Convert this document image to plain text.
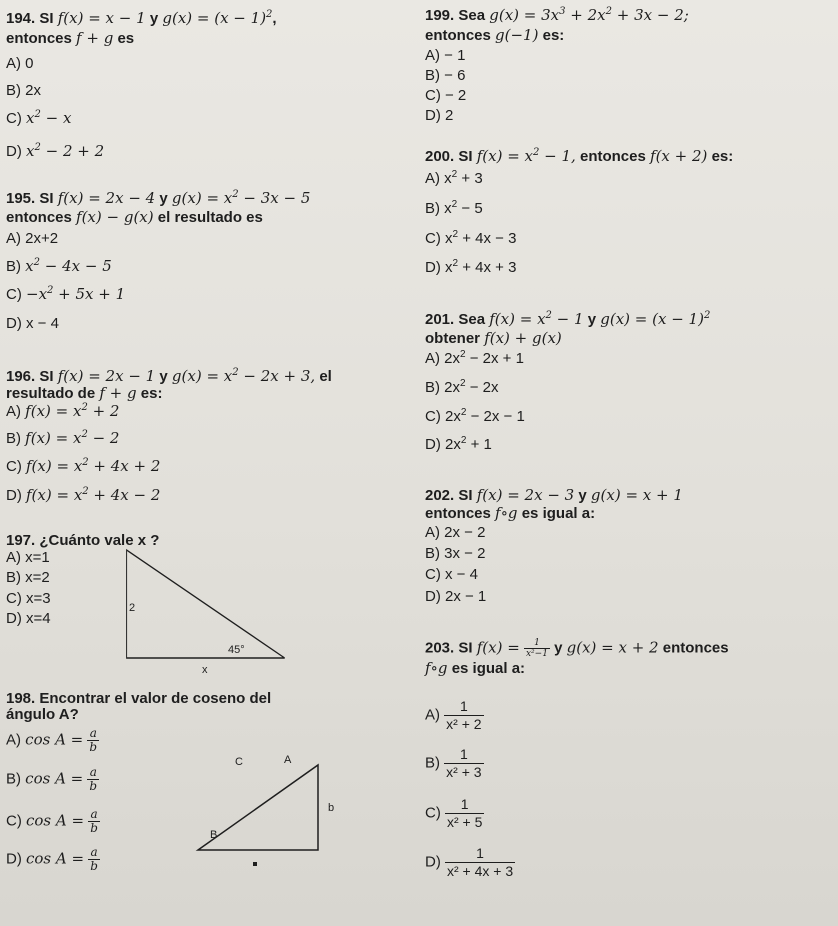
194. SI f(x) = x − 1 y $g(x) = (x - 1)^2$,
entonces f + g es
A) 0
B) 2x
C) $x^2 - x$
D) $x^2 - 2 + 2$
195. SI f(x) = 2x − 4 y $g(x) = x^2 - 3x - 5$
entonces f(x) − g(x) el resultado es
A) 2x+2
B) $x^2 - 4x - 5$
$C) -x^2 + 5x + 1$
D) x − 4
196. SI f(x) = 2x − 1 y $g(x) = x^2 - 2x + 3$, el
resultado de f + g es:
A) $f(x) = x^2 + 2$
B) $f(x) = x^2 - 2$
C) $f(x) = x^2 + 4x + 2$
D) $f(x) = x^2 + 4x - 2$
197. ¿Cuánto vale x ?
A) x=1
B) x=2
C) x=3
D) x=4
2
45°
x
198. Encontrar el valor de coseno del
ángulo A?
A) $\cos A = \frac{a}{b}$
B) $\cos A = \frac{a}{b}$
C) $\cos A = \frac{a}{b}$
D) $\cos A = \frac{a}{b}$
C	A
B
b
199. Sea $g(x) = 3x^3 + 2x^2 + 3x - 2$;
entonces g(−1) es:
A) − 1
B) − 6
C) − 2
D) 2
200. SI $f(x) = x^2 - 1$, entonces f(x + 2) es:
A) $x^2 + 3$
B) $x^2 - 5$
C) $x^2 + 4x - 3$
D) $x^2 + 4x + 3$
201. Sea $f(x) = x^2 - 1$ y $g(x) = (x - 1)^2$
obtener f(x) + g(x)
A) $2x^2 - 2x + 1$
B) $2x^2 - 2x$
C) $2x^2 - 2x - 1$
D) $2x^2 + 1$
202. SI f(x) = 2x − 3 y g(x) = x + 1
entonces f∘g es igual a:
A) 2x − 2
B) 3x − 2
C) x − 4
D) 2x − 1
203. SI $f(x) = \frac{1}{\text{x²−1}}$ y g(x) = x + 2 entonces
f∘g es igual a:
$A) \frac{1}{\text{x² + 2}}$
$B) \frac{1}{\text{x² + 3}}$
$C) \frac{1}{\text{x² + 5}}$
$D) \frac{1}{\text{x² + 4x + 3}}$
